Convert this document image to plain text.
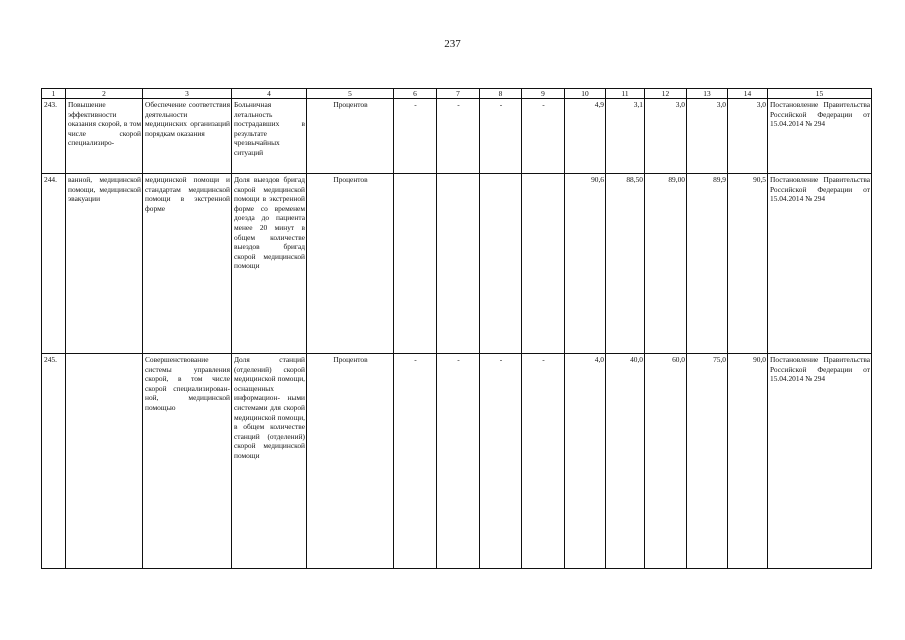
237
1	2	3	4	5	6	7	8	9	10	11	12	13	14	15
243.	Повышение эффективности оказания скорой, в том числе скорой специализиро-	Обеспечение соответствия деятельности медицинских организаций порядкам оказания	Больничная летальность пострадавших в результате чрезвычайных ситуаций	Процентов	-	-	-	-	4,9	3,1	3,0	3,0	3,0	Постановление Правительства Российской Федерации от 15.04.2014 № 294
244.	ванной, медицинской помощи, медицинской эвакуации	медицинской помощи и стандартам медицинской помощи в экстренной форме	Доля выездов бригад скорой медицинской помощи в экстренной форме со временем доезда до пациента менее 20 минут в общем количестве выездов бригад скорой медицинской помощи	Процентов					90,6	88,50	89,00	89,9	90,5	Постановление Правительства Российской Федерации от 15.04.2014 № 294
245.		Совершенствование системы управления скорой, в том числе скорой специализирован- ной, медицинской помощью	Доля станций (отделений) скорой медицинской помощи, оснащенных информацион- ными системами для скорой медицинской помощи, в общем количестве станций (отделений) скорой медицинской помощи	Процентов	-	-	-	-	4,0	40,0	60,0	75,0	90,0	Постановление Правительства Российской Федерации от 15.04.2014 № 294
